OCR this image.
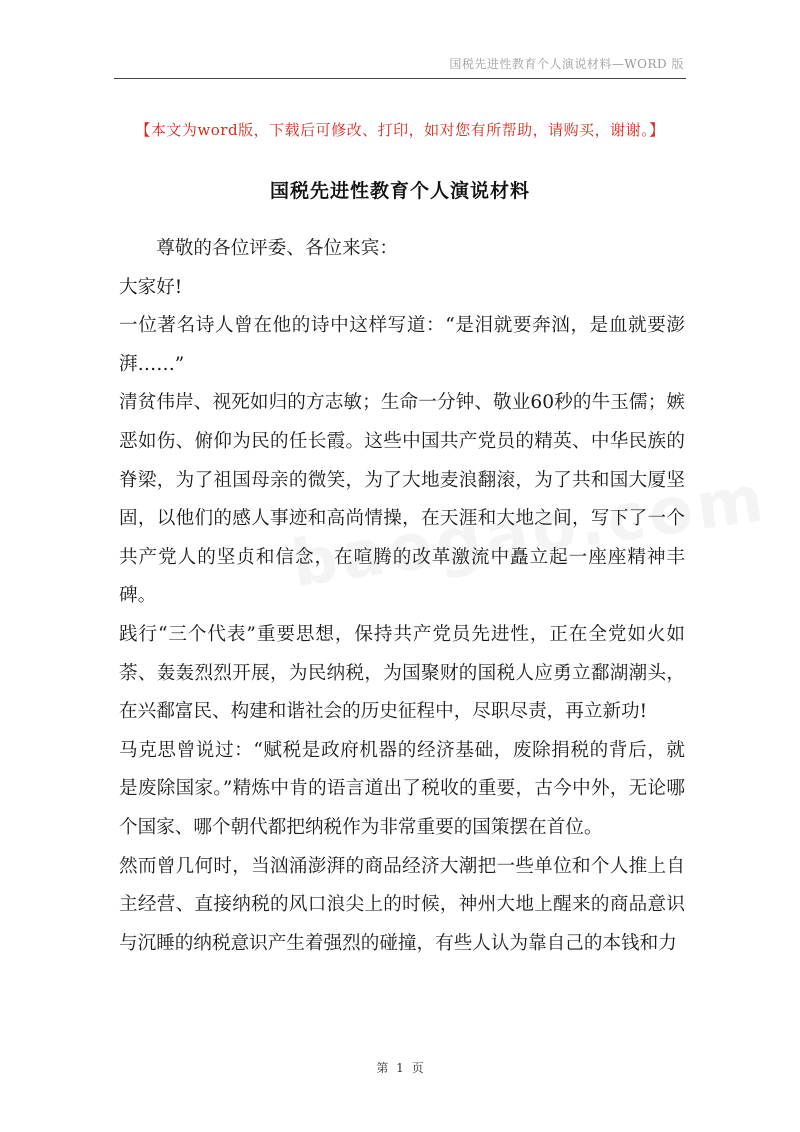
国税先进性教育个人演说材料—WORD 版
【本文为word版，下载后可修改、打印，如对您有所帮助，请购买，谢谢。】
国税先进性教育个人演说材料

尊敬的各位评委、各位来宾：

大家好!

一位著名诗人曾在他的诗中这样写道：“是泪就要奔汹，是血就要澎湃……”

清贫伟岸、视死如归的方志敏；生命一分钟、敬业60秒的牛玉儒；嫉恶如伤、俯仰为民的任长霞。这些中国共产党员的精英、中华民族的脊梁，为了祖国母亲的微笑，为了大地麦浪翻滚，为了共和国大厦坚固，以他们的感人事迹和高尚情操，在天涯和大地之间，写下了一个共产党人的坚贞和信念，在喧腾的改革激流中矗立起一座座精神丰碑。

践行“三个代表”重要思想，保持共产党员先进性，正在全党如火如荼、轰轰烈烈开展，为民纳税，为国聚财的国税人应勇立鄱湖潮头，在兴鄱富民、构建和谐社会的历史征程中，尽职尽责，再立新功!

马克思曾说过：“赋税是政府机器的经济基础，废除捐税的背后，就是废除国家。”精炼中肯的语言道出了税收的重要，古今中外，无论哪个国家、哪个朝代都把纳税作为非常重要的国策摆在首位。

然而曾几何时，当汹涌澎湃的商品经济大潮把一些单位和个人推上自主经营、直接纳税的风口浪尖上的时候，神州大地上醒来的商品意识与沉睡的纳税意识产生着强烈的碰撞，有些人认为靠自己的本钱和力

第 1 页
